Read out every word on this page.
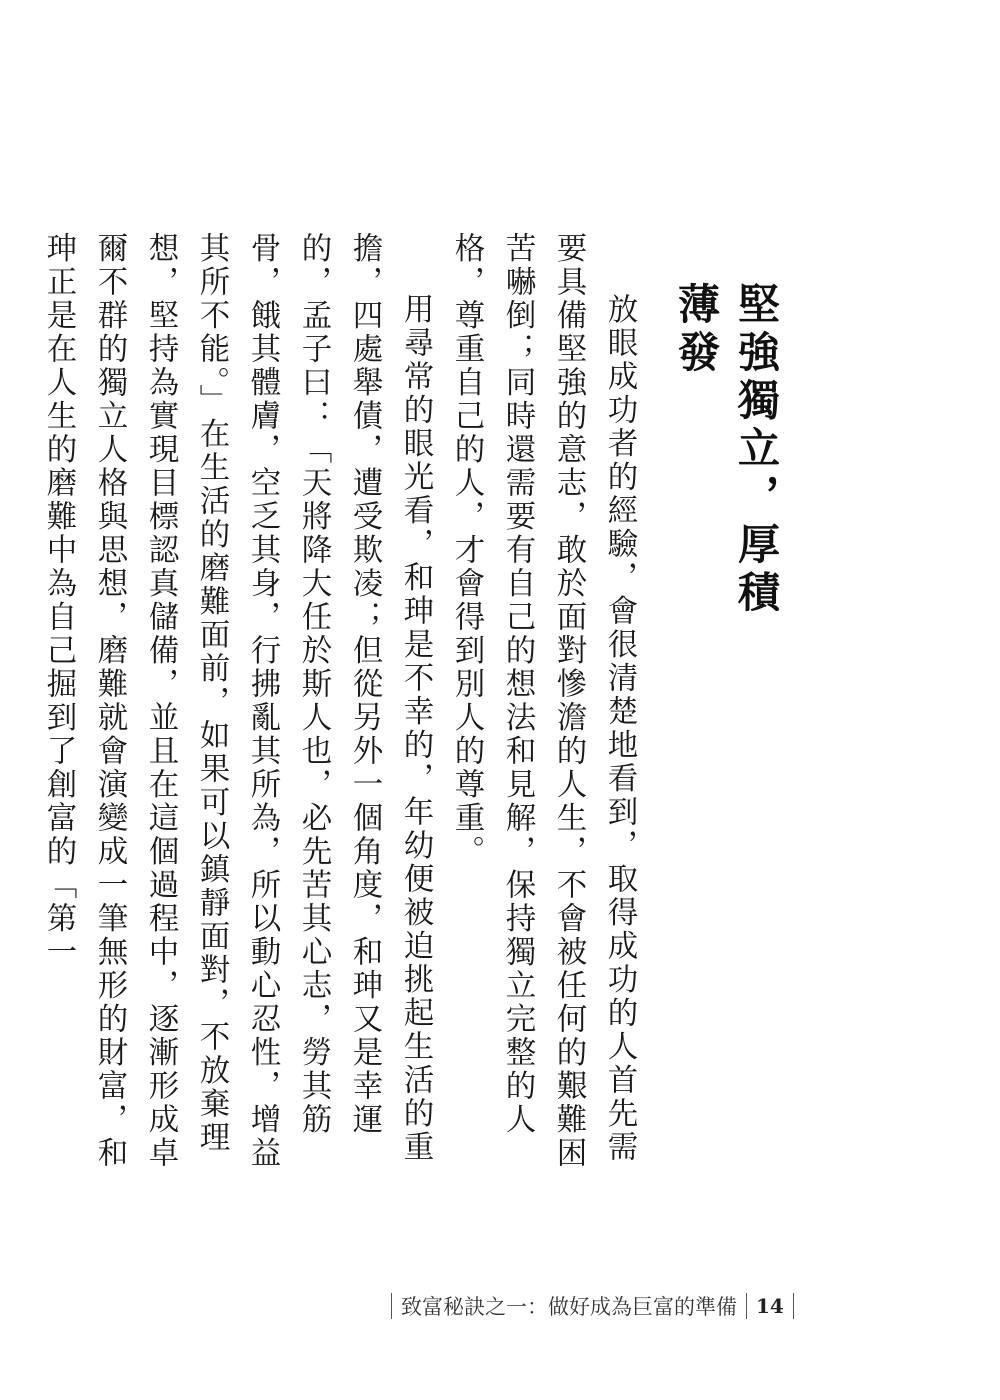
堅強獨立，厚積薄發

放眼成功者的經驗，會很清楚地看到，取得成功的人首先需要具備堅強的意志，敢於面對慘澹的人生，不會被任何的艱難困苦嚇倒；同時還需要有自己的想法和見解，保持獨立完整的人格，尊重自己的人，才會得到別人的尊重。

用尋常的眼光看，和珅是不幸的，年幼便被迫挑起生活的重擔，四處舉債，遭受欺凌；但從另外一個角度，和珅又是幸運的，孟子曰：「天將降大任於斯人也，必先苦其心志，勞其筋骨，餓其體膚，空乏其身，行拂亂其所為，所以動心忍性，增益其所不能。」在生活的磨難面前，如果可以鎮靜面對，不放棄理想，堅持為實現目標認真儲備，並且在這個過程中，逐漸形成卓爾不群的獨立人格與思想，磨難就會演變成一筆無形的財富，和珅正是在人生的磨難中為自己掘到了創富的「第一

致富秘訣之一：做好成為巨富的準備 14
